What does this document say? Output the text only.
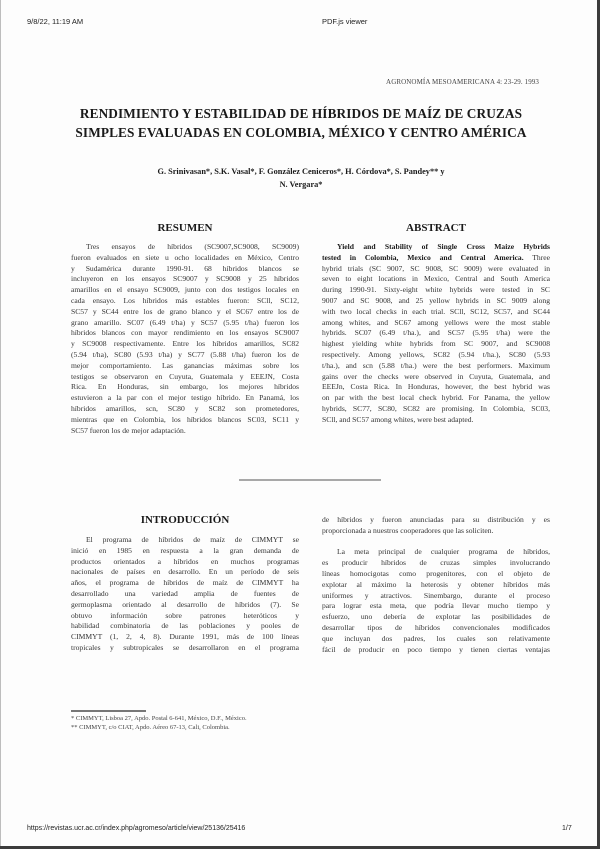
9/8/22, 11:19 AM	PDF.js viewer
AGRONOMÍA MESOAMERICANA 4: 23-29. 1993
RENDIMIENTO Y ESTABILIDAD DE HÍBRIDOS DE MAÍZ DE CRUZAS
SIMPLES EVALUADAS EN COLOMBIA, MÉXICO Y CENTRO AMÉRICA
G. Srinivasan*, S.K. Vasal*, F. González Ceniceros*, H. Córdova*, S. Pandey** y
N. Vergara*
RESUMEN
Tres ensayos de híbridos (SC9007,SC9008, SC9009)
fueron evaluados en siete u ocho localidades en México, Centro
y Sudamérica durante 1990-91. 68 híbridos blancos se
incluyeron en los ensayos SC9007 y SC9008 y 25 híbridos
amarillos en el ensayo SC9009, junto con dos testigos locales en
cada ensayo. Los híbridos más estables fueron: SCll, SC12,
SC57 y SC44 entre los de grano blanco y el SC67 entre los de
grano amarillo. SC07 (6.49 t/ha) y SC57 (5.95 t/ha) fueron los
híbridos blancos con mayor rendimiento en los ensayos SC9007
y SC9008 respectivamente. Entre los híbridos amarillos, SC82
(5.94 t/ha), SC80 (5.93 t/ha) y SC77 (5.88 t/ha) fueron los de
mejor comportamiento. Las ganancias máximas sobre los
testigos se observaron en Cuyuta, Guatemala y EEEJN, Costa
Rica. En Honduras, sin embargo, los mejores híbridos
estuvieron a la par con el mejor testigo híbrido. En Panamá, los
híbridos amarillos, scn, SC80 y SC82 son prometedores,
mientras que en Colombia, los híbridos blancos SC03, SC11 y
SC57 fueron los de mejor adaptación.
ABSTRACT
Yield and Stability of Single Cross Maize Hybrids
tested in Colombia, Mexico and Central America. Three
hybrid trials (SC 9007, SC 9008, SC 9009) were evaluated in
seven to eight locations in Mexico, Central and South America
during 1990-91. Sixty-eight white hybrids were tested in SC
9007 and SC 9008, and 25 yellow hybrids in SC 9009 along
with two local checks in each trial. SCll, SC12, SC57, and SC44
among whites, and SC67 among yellows were the most stable
hybrids. SC07 (6.49 t/ha.), and SC57 (5.95 t/ha) were the
highest yielding white hybrids from SC 9007, and SC9008
respectively. Among yellows, SC82 (5.94 t/ha.), SC80 (5.93
t/ha.), and scn (5.88 t/ha.) were the best performers. Maximum
gains over the checks were observed in Cuyuta, Guatemala, and
EEEJn, Costa Rica. In Honduras, however, the best hybrid was
on par with the best local check hybrid. For Panama, the yellow
hybrids, SC77, SC80, SC82 are promising. In Colombia, SC03,
SCll, and SC57 among whites, were best adapted.
INTRODUCCIÓN
El programa de híbridos de maíz de CIMMYT se
inició en 1985 en respuesta a la gran demanda de
productos orientados a híbridos en muchos programas
nacionales de países en desarrollo. En un período de seis
años, el programa de híbridos de maíz de CIMMYT ha
desarrollado una variedad amplia de fuentes de
germoplasma orientado al desarrollo de híbridos (7). Se
obtuvo información sobre patrones heteróticos y
habilidad combinatoria de las poblaciones y pooles de
CIMMYT (1, 2, 4, 8). Durante 1991, más de 100 líneas
tropicales y subtropicales se desarrollaron en el programa
de híbridos y fueron anunciadas para su distribución y es
proporcionada a nuestros cooperadores que las soliciten.
La meta principal de cualquier programa de híbridos,
es producir híbridos de cruzas simples involucrando
líneas homocigotas como progenitores, con el objeto de
explotar al máximo la heterosis y obtener híbridos más
uniformes y atractivos. Sinembargo, durante el proceso
para lograr esta meta, que podría llevar mucho tiempo y
esfuerzo, uno debería de explotar las posibilidades de
desarrollar tipos de híbridos convencionales modificados
que incluyan dos padres, los cuales son relativamente
fácil de producir en poco tiempo y tienen ciertas ventajas
* CIMMYT, Lisboa 27, Apdo. Postal 6-641, México, D.F., México.
** CIMMYT, c/o CIAT, Apdo. Aéreo 67-13, Cali, Colombia.
https://revistas.ucr.ac.cr/index.php/agromeso/article/view/25136/25416	1/7
